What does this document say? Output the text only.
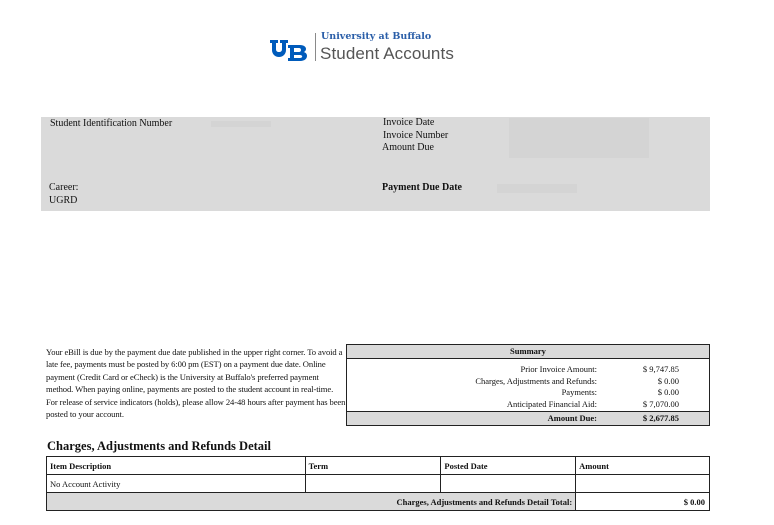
University at Buffalo
Student Accounts
Student Identification Number
Career:
UGRD
Invoice Date
Invoice Number
Amount Due
Payment Due Date
Your eBill is due by the payment due date published in the upper right corner. To avoid a late fee, payments must be posted by 6:00 pm (EST) on a payment due date. Online payment (Credit Card or eCheck) is the University at Buffalo's preferred payment method. When paying online, payments are posted to the student account in real-time. For release of service indicators (holds), please allow 24-48 hours after payment has been posted to your account.
Summary
Prior Invoice Amount:	$ 9,747.85
Charges, Adjustments and Refunds:	$ 0.00
Payments:	$ 0.00
Anticipated Financial Aid:	$ 7,070.00
Amount Due:	$ 2,677.85
Charges, Adjustments and Refunds Detail
Item Description	Term	Posted Date	Amount
No Account Activity			
Charges, Adjustments and Refunds Detail Total:			$ 0.00
